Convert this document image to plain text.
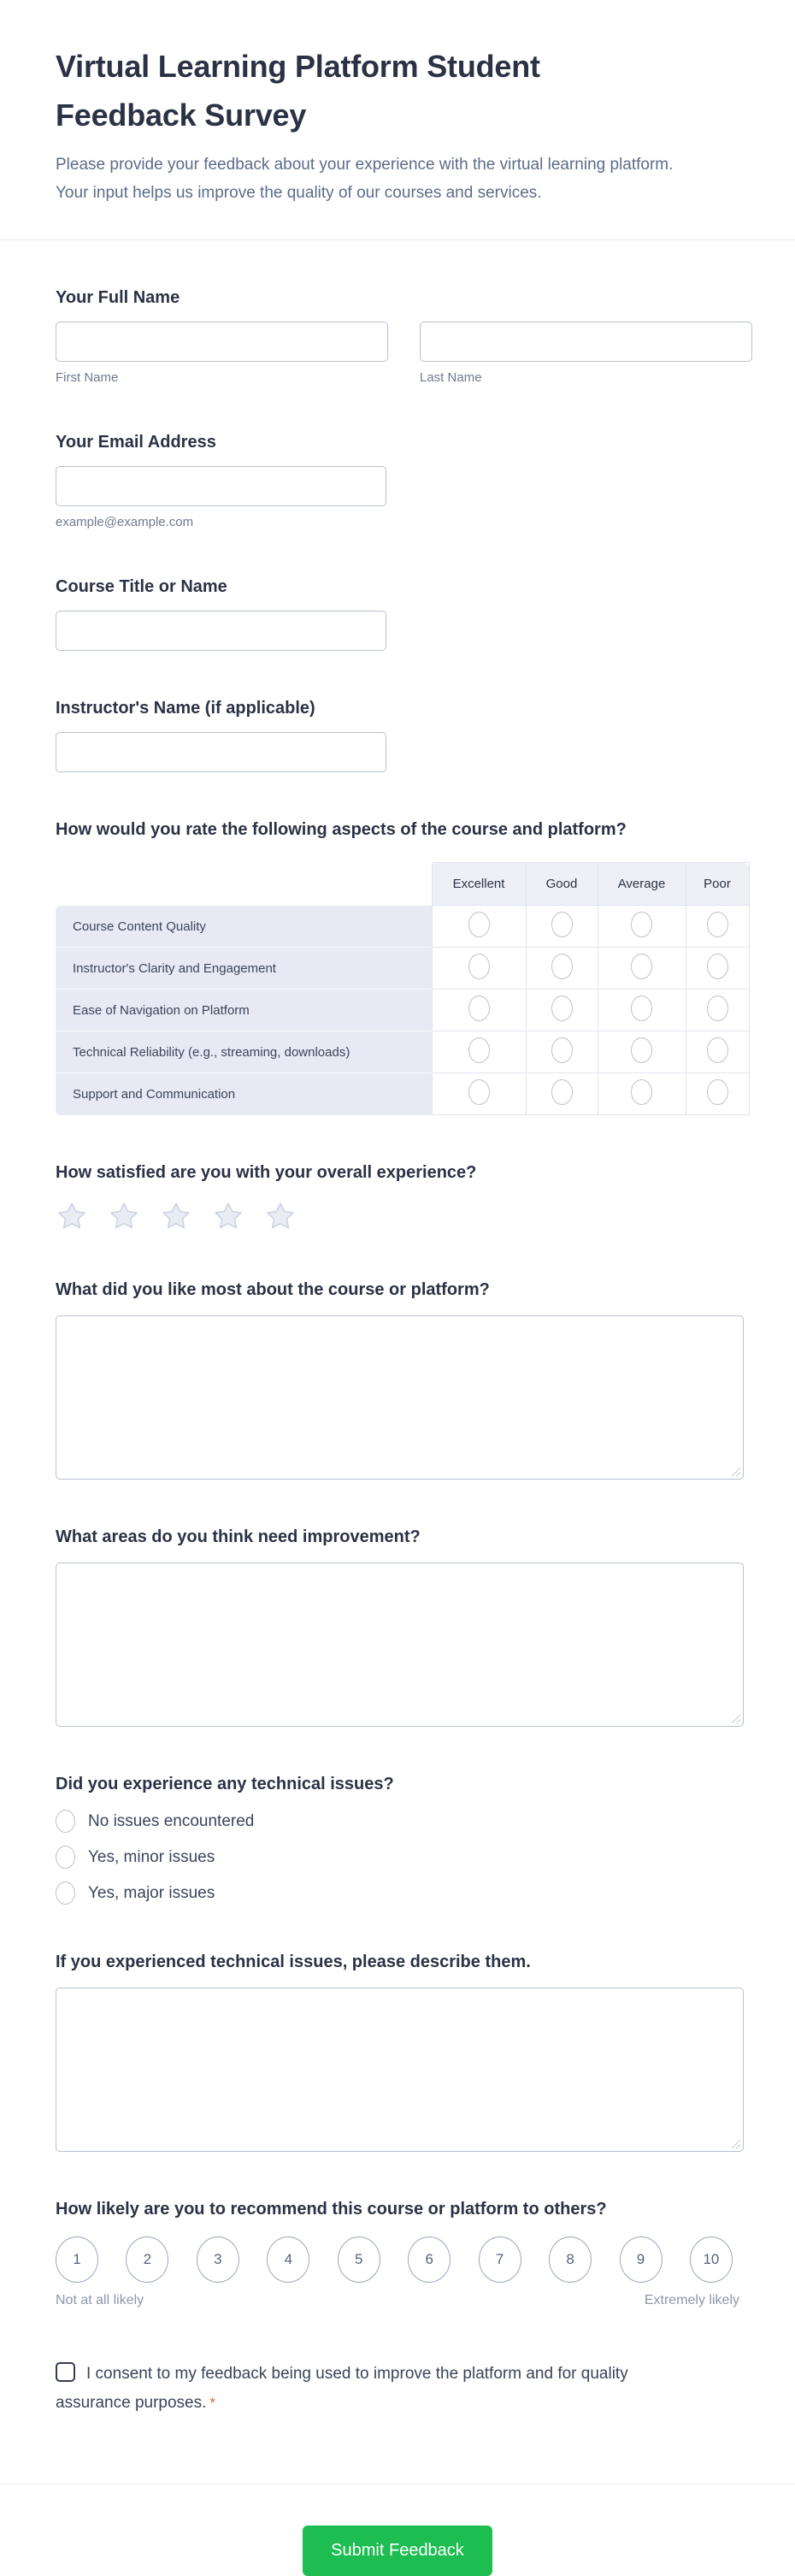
Virtual Learning Platform Student Feedback Survey

Please provide your feedback about your experience with the virtual learning platform. Your input helps us improve the quality of our courses and services.

Your Full Name
First Name	Last Name
Your Email Address
example@example.com
Course Title or Name
Instructor's Name (if applicable)
How would you rate the following aspects of the course and platform?
	Excellent	Good	Average	Poor
Course Content Quality				
Instructor's Clarity and Engagement				
Ease of Navigation on Platform				
Technical Reliability (e.g., streaming, downloads)				
Support and Communication				
How satisfied are you with your overall experience?
What did you like most about the course or platform?
What areas do you think need improvement?
Did you experience any technical issues?
No issues encountered
Yes, minor issues
Yes, major issues
If you experienced technical issues, please describe them.
How likely are you to recommend this course or platform to others?
1	2	3	4	5	6	7	8	9	10
Not at all likely	Extremely likely
I consent to my feedback being used to improve the platform and for quality assurance purposes. *
Submit Feedback
